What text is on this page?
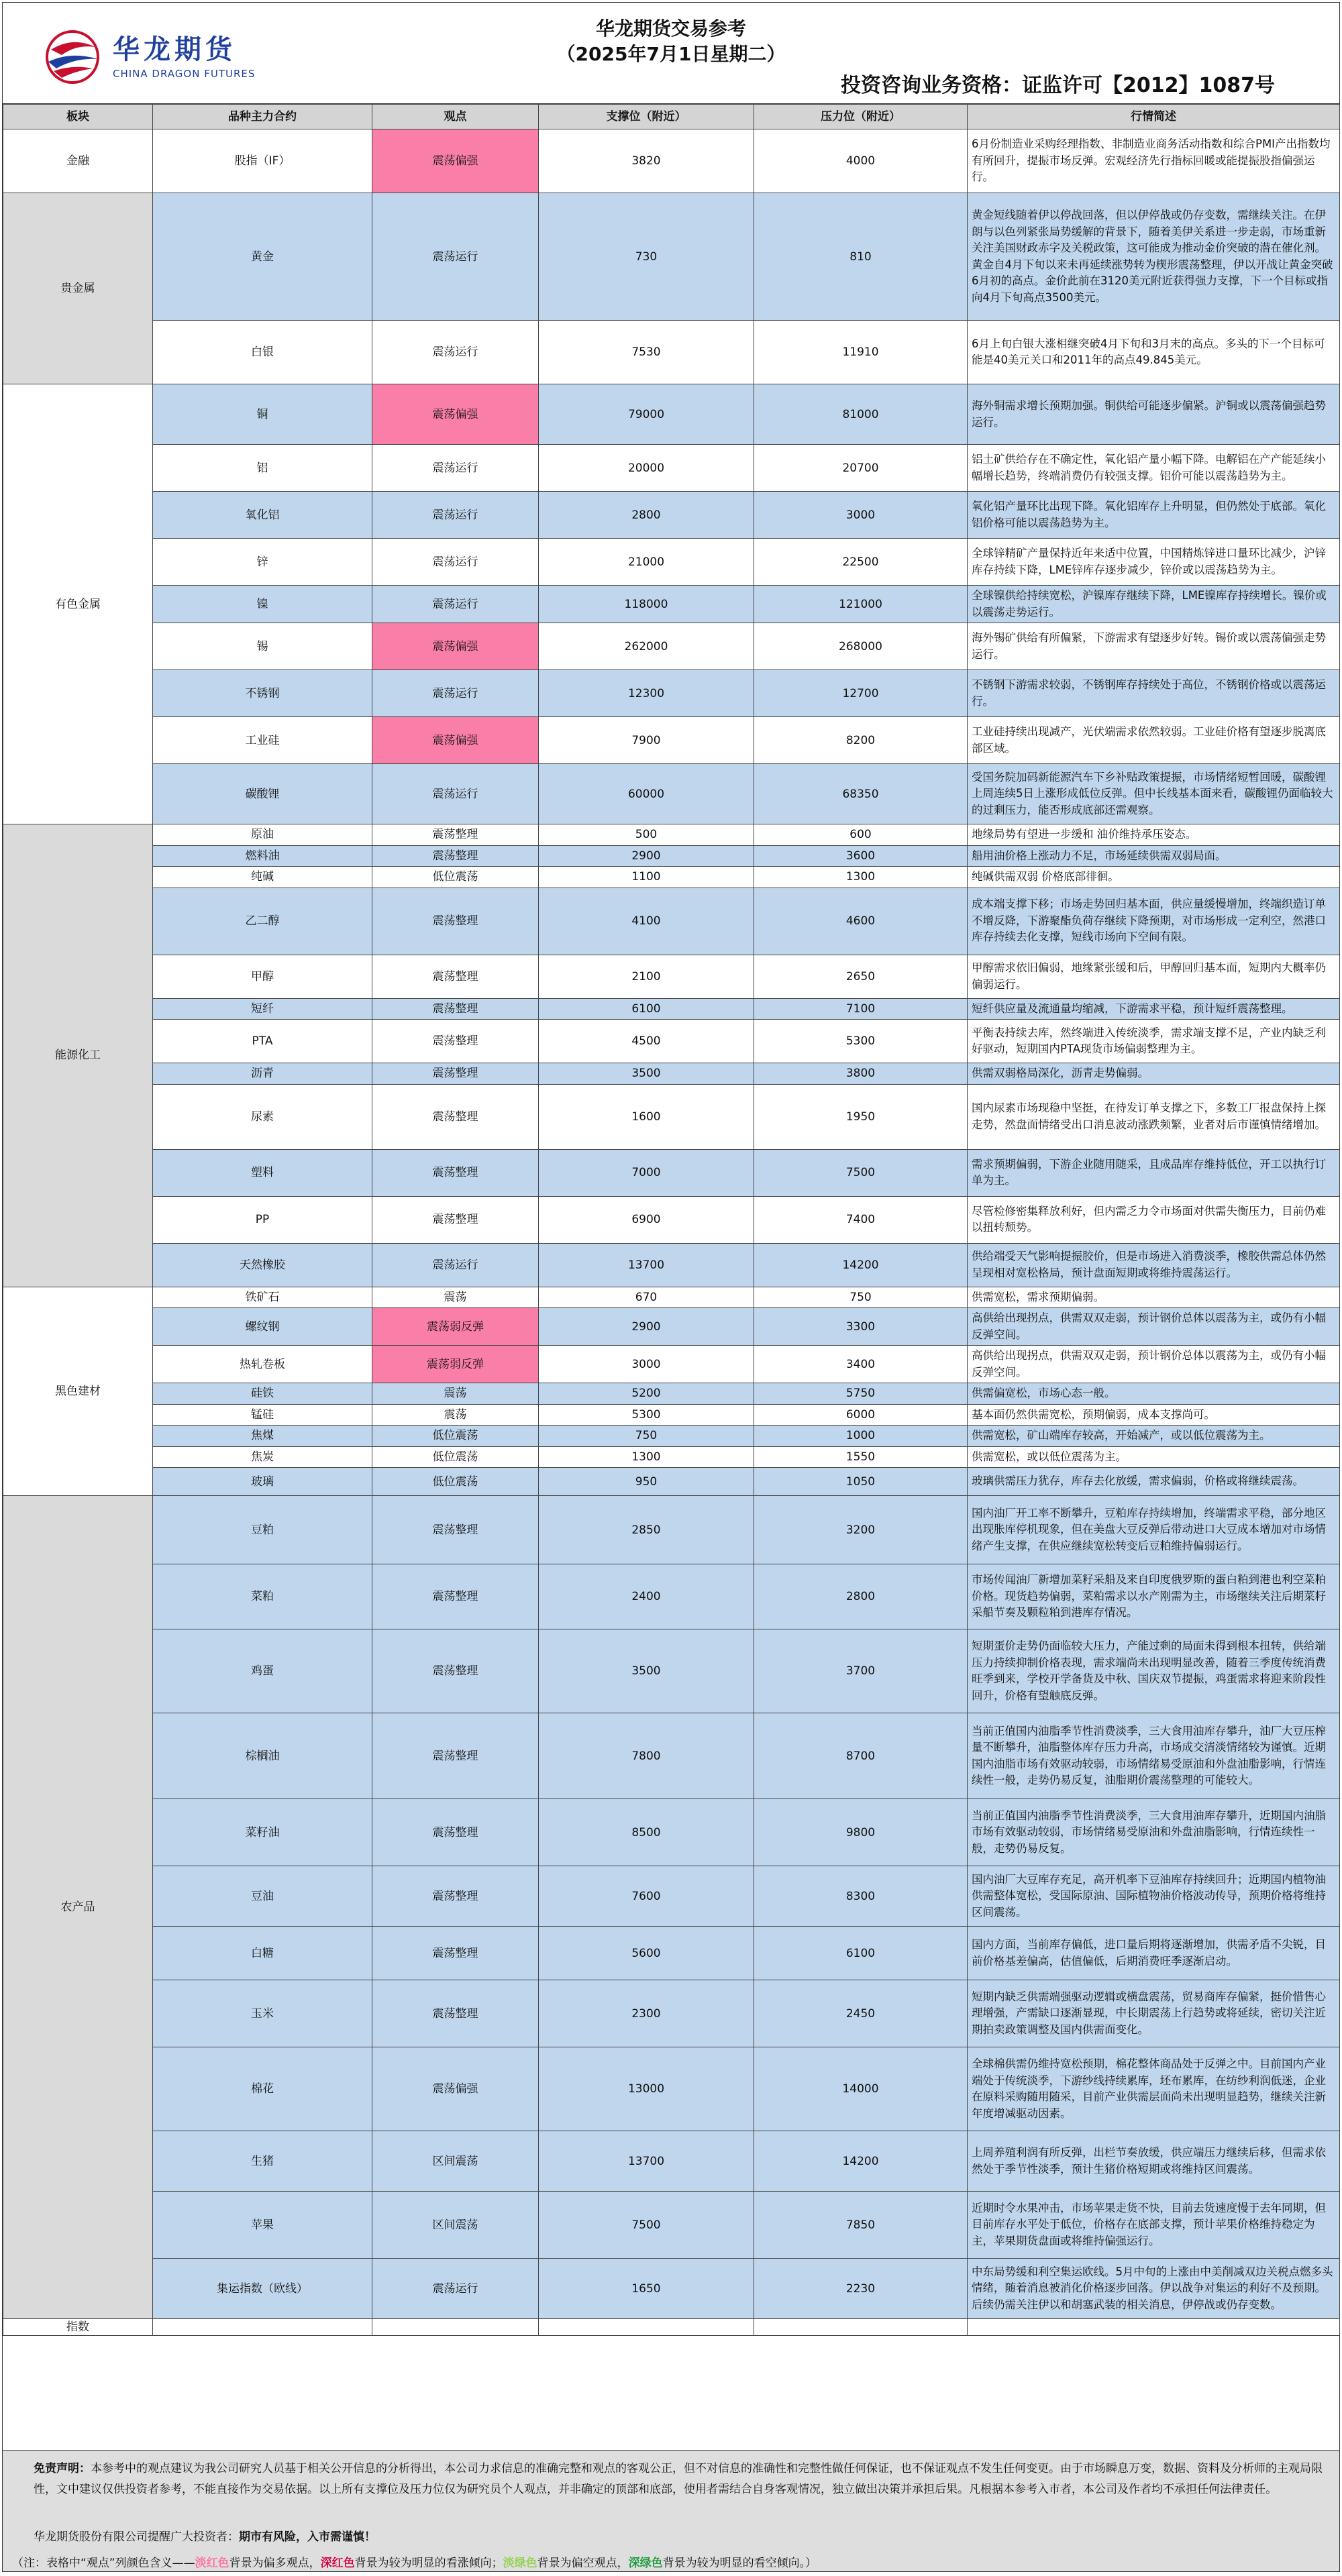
华龙期货
CHINA DRAGON FUTURES
华龙期货交易参考
（2025年7月1日星期二）
投资咨询业务资格：证监许可【2012】1087号
板块	品种主力合约	观点	支撑位（附近）	压力位（附近）	行情简述
金融	股指（IF）	震荡偏强	3820	4000	6月份制造业采购经理指数、非制造业商务活动指数和综合PMI产出指数均有所回升，提振市场反弹。宏观经济先行指标回暖或能提振股指偏强运行。
贵金属	黄金	震荡运行	730	810	黄金短线随着伊以停战回落，但以伊停战或仍存变数，需继续关注。在伊朗与以色列紧张局势缓解的背景下，随着美伊关系进一步走弱，市场重新关注美国财政赤字及关税政策，这可能成为推动金价突破的潜在催化剂。黄金自4月下旬以来未再延续涨势转为楔形震荡整理，伊以开战让黄金突破6月初的高点。金价此前在3120美元附近获得强力支撑，下一个目标或指向4月下旬高点3500美元。
	白银	震荡运行	7530	11910	6月上旬白银大涨相继突破4月下旬和3月末的高点。多头的下一个目标可能是40美元关口和2011年的高点49.845美元。
有色金属	铜	震荡偏强	79000	81000	海外铜需求增长预期加强。铜供给可能逐步偏紧。沪铜或以震荡偏强趋势运行。
	铝	震荡运行	20000	20700	铝土矿供给存在不确定性，氧化铝产量小幅下降。电解铝在产产能延续小幅增长趋势，终端消费仍有较强支撑。铝价可能以震荡趋势为主。
	氧化铝	震荡运行	2800	3000	氧化铝产量环比出现下降。氧化铝库存上升明显，但仍然处于底部。氧化铝价格可能以震荡趋势为主。
	锌	震荡运行	21000	22500	全球锌精矿产量保持近年来适中位置，中国精炼锌进口量环比减少，沪锌库存持续下降，LME锌库存逐步减少，锌价或以震荡趋势为主。
	镍	震荡运行	118000	121000	全球镍供给持续宽松，沪镍库存继续下降，LME镍库存持续增长。镍价或以震荡走势运行。
	锡	震荡偏强	262000	268000	海外锡矿供给有所偏紧，下游需求有望逐步好转。锡价或以震荡偏强走势运行。
	不锈钢	震荡运行	12300	12700	不锈钢下游需求较弱，不锈钢库存持续处于高位，不锈钢价格或以震荡运行。
	工业硅	震荡偏强	7900	8200	工业硅持续出现减产，光伏端需求依然较弱。工业硅价格有望逐步脱离底部区域。
	碳酸锂	震荡运行	60000	68350	受国务院加码新能源汽车下乡补贴政策提振，市场情绪短暂回暖，碳酸锂上周连续5日上涨形成低位反弹。但中长线基本面来看，碳酸锂仍面临较大的过剩压力，能否形成底部还需观察。
能源化工	原油	震荡整理	500	600	地缘局势有望进一步缓和 油价维持承压姿态。
	燃料油	震荡整理	2900	3600	船用油价格上涨动力不足，市场延续供需双弱局面。
	纯碱	低位震荡	1100	1300	纯碱供需双弱 价格底部徘徊。
	乙二醇	震荡整理	4100	4600	成本端支撑下移；市场走势回归基本面，供应量缓慢增加，终端织造订单不增反降，下游聚酯负荷存继续下降预期，对市场形成一定利空，然港口库存持续去化支撑，短线市场向下空间有限。
	甲醇	震荡整理	2100	2650	甲醇需求依旧偏弱，地缘紧张缓和后，甲醇回归基本面，短期内大概率仍偏弱运行。
	短纤	震荡整理	6100	7100	短纤供应量及流通量均缩减，下游需求平稳，预计短纤震荡整理。
	PTA	震荡整理	4500	5300	平衡表持续去库，然终端进入传统淡季，需求端支撑不足，产业内缺乏利好驱动，短期国内PTA现货市场偏弱整理为主。
	沥青	震荡整理	3500	3800	供需双弱格局深化，沥青走势偏弱。
	尿素	震荡整理	1600	1950	国内尿素市场现稳中坚挺，在待发订单支撑之下，多数工厂报盘保持上探走势，然盘面情绪受出口消息波动涨跌频繁，业者对后市谨慎情绪增加。
	塑料	震荡整理	7000	7500	需求预期偏弱，下游企业随用随采，且成品库存维持低位，开工以执行订单为主。
	PP	震荡整理	6900	7400	尽管检修密集释放利好，但内需乏力令市场面对供需失衡压力，目前仍难以扭转颓势。
	天然橡胶	震荡运行	13700	14200	供给端受天气影响提振胶价，但是市场进入消费淡季，橡胶供需总体仍然呈现相对宽松格局，预计盘面短期或将维持震荡运行。
黑色建材	铁矿石	震荡	670	750	供需宽松，需求预期偏弱。
	螺纹钢	震荡弱反弹	2900	3300	高供给出现拐点，供需双双走弱，预计钢价总体以震荡为主，或仍有小幅反弹空间。
	热轧卷板	震荡弱反弹	3000	3400	高供给出现拐点，供需双双走弱，预计钢价总体以震荡为主，或仍有小幅反弹空间。
	硅铁	震荡	5200	5750	供需偏宽松，市场心态一般。
	锰硅	震荡	5300	6000	基本面仍然供需宽松，预期偏弱，成本支撑尚可。
	焦煤	低位震荡	750	1000	供需宽松，矿山端库存较高，开始减产，或以低位震荡为主。
	焦炭	低位震荡	1300	1550	供需宽松，或以低位震荡为主。
	玻璃	低位震荡	950	1050	玻璃供需压力犹存，库存去化放缓，需求偏弱，价格或将继续震荡。
农产品	豆粕	震荡整理	2850	3200	国内油厂开工率不断攀升，豆粕库存持续增加，终端需求平稳，部分地区出现胀库停机现象，但在美盘大豆反弹后带动进口大豆成本增加对市场情绪产生支撑，在供应继续宽松转变后豆粕维持偏弱运行。
	菜粕	震荡整理	2400	2800	市场传闻油厂新增加菜籽采船及来自印度俄罗斯的蛋白粕到港也利空菜粕价格。现货趋势偏弱，菜粕需求以水产刚需为主，市场继续关注后期菜籽采船节奏及颗粒粕到港库存情况。
	鸡蛋	震荡整理	3500	3700	短期蛋价走势仍面临较大压力，产能过剩的局面未得到根本扭转，供给端压力持续抑制价格表现，需求端尚未出现明显改善，随着三季度传统消费旺季到来，学校开学备货及中秋、国庆双节提振，鸡蛋需求将迎来阶段性回升，价格有望触底反弹。
	棕榈油	震荡整理	7800	8700	当前正值国内油脂季节性消费淡季，三大食用油库存攀升，油厂大豆压榨量不断攀升，油脂整体库存压力升高，市场成交清淡情绪较为谨慎。近期国内油脂市场有效驱动较弱，市场情绪易受原油和外盘油脂影响，行情连续性一般，走势仍易反复，油脂期价震荡整理的可能较大。
	菜籽油	震荡整理	8500	9800	当前正值国内油脂季节性消费淡季，三大食用油库存攀升，近期国内油脂市场有效驱动较弱，市场情绪易受原油和外盘油脂影响，行情连续性一般，走势仍易反复。
	豆油	震荡整理	7600	8300	国内油厂大豆库存充足，高开机率下豆油库存持续回升；近期国内植物油供需整体宽松，受国际原油、国际植物油价格波动传导，预期价格将维持区间震荡。
	白糖	震荡整理	5600	6100	国内方面，当前库存偏低，进口量后期将逐渐增加，供需矛盾不尖锐，目前价格基差偏高，估值偏低，后期消费旺季逐渐启动。
	玉米	震荡整理	2300	2450	短期内缺乏供需端强驱动逻辑或横盘震荡，贸易商库存偏紧，挺价惜售心理增强，产需缺口逐渐显现，中长期震荡上行趋势或将延续，密切关注近期拍卖政策调整及国内供需面变化。
	棉花	震荡偏强	13000	14000	全球棉供需仍维持宽松预期，棉花整体商品处于反弹之中。目前国内产业端处于传统淡季，下游纱线持续累库，坯布累库，在纺纱利润低迷，企业在原料采购随用随采，目前产业供需层面尚未出现明显趋势，继续关注新年度增减驱动因素。
	生猪	区间震荡	13700	14200	上周养殖利润有所反弹，出栏节奏放缓，供应端压力继续后移，但需求依然处于季节性淡季，预计生猪价格短期或将维持区间震荡。
	苹果	区间震荡	7500	7850	近期时令水果冲击，市场苹果走货不快，目前去货速度慢于去年同期，但目前库存水平处于低位，价格存在底部支撑，预计苹果价格维持稳定为主，苹果期货盘面或将维持偏强运行。
	集运指数（欧线）	震荡运行	1650	2230	中东局势缓和利空集运欧线。5月中旬的上涨由中美削减双边关税点燃多头情绪，随着消息被消化价格逐步回落。伊以战争对集运的利好不及预期。后续仍需关注伊以和胡塞武装的相关消息，伊停战或仍存变数。
指数					
免责声明：本参考中的观点建议为我公司研究人员基于相关公开信息的分析得出，本公司力求信息的准确完整和观点的客观公正，但不对信息的准确性和完整性做任何保证，也不保证观点不发生任何变更。由于市场瞬息万变，数据、资料及分析师的主观局限性，文中建议仅供投资者参考，不能直接作为交易依据。以上所有支撑位及压力位仅为研究员个人观点，并非确定的顶部和底部，使用者需结合自身客观情况，独立做出决策并承担后果。凡根据本参考入市者，本公司及作者均不承担任何法律责任。
华龙期货股份有限公司提醒广大投资者：期市有风险，入市需谨慎！
（注：表格中“观点”列颜色含义——淡红色背景为偏多观点，深红色背景为较为明显的看涨倾向；淡绿色背景为偏空观点，深绿色背景为较为明显的看空倾向。）
